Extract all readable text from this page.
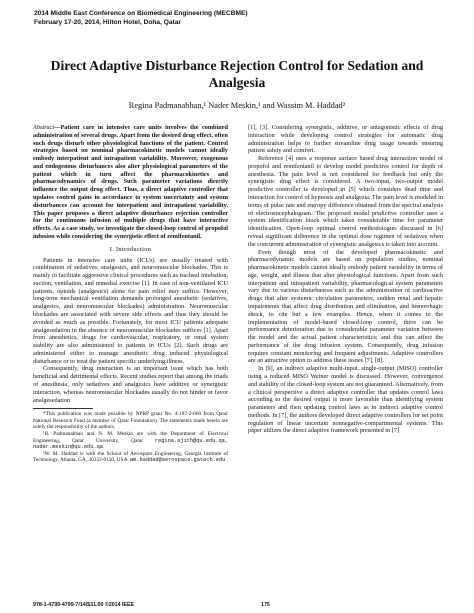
2014 Middle East Conference on Biomedical Engineering (MECBME)
February 17-20, 2014, Hilton Hotel, Doha, Qatar
Direct Adaptive Disturbance Rejection Control for Sedation and
Analgesia
Regina Padmanabhan,¹ Nader Meskin,¹ and Wassim M. Haddad²

Abstract—Patient care in intensive care units involves the combined administration of several drugs. Apart from the desired drug effect, often such drugs disturb other physiological functions of the patient. Control strategies based on nominal pharmacokinetic models cannot ideally embody interpatient and intrapatient variability. Moreover, exogenous and endogenous disturbances also alter physiological parameters of the patient which in turn affect the pharmacokinetics and pharmacodynamics of drugs. Such parameter variations directly influence the output drug effect. Thus, a direct adaptive controller that updates control gains in accordance to system uncertainty and system disturbances can account for interpatient and intrapatient variability. This paper proposes a direct adaptive disturbance rejection controller for the continuous infusion of multiple drugs that have interactive effects. As a case study, we investigate the closed-loop control of propofol infusion while considering the synergistic effect of remifentanil.

I. Introduction

Patients in intensive care units (ICUs) are usually treated with combination of sedatives, analgesics, and neuromuscular blockades. This is mainly to facilitate aggressive clinical procedures such as tracheal intubation, suction, ventilation, and remedial exercise [1]. In case of non-ventilated ICU patients, opioids (analgesics) alone for pain relief may suffice. However, long-term mechanical ventilation demands prolonged anesthetic (sedatives, analgesics, and neuromuscular blockades) administration. Neuromuscular blockades are associated with severe side effects and thus they should be avoided as much as possible. Fortunately, for most ICU patients adequate analgesedation in the absence of neuromuscular blockades suffices [1]. Apart from anesthetics, drugs for cardiovascular, respiratory, or renal system stability are also administered to patients in ICUs [2]. Such drugs are administered either to manage anesthetic drug induced physiological disturbance or to treat the patient specific underlying illness.

Consequently, drug interaction is an important issue which has both beneficial and detrimental effects. Recent studies report that among the triads of anesthesia, only sedatives and analgesics have additive or synergistic interaction, whereas neuromuscular blockades usually do not hinder or favor analgesedation

*This publication was made possible by NPRP grant No. 4-187-2-060 from Qatar National Research Fund (a member of Qatar Foundation). The statements made herein are solely the responsibility of the authors.

¹R. Padmanabhan and N. M. Meskin are with the Department of Electrical Engineering, Qatar University, Qatar regina.ajith@qu.edu.qa, nader.meskin@qu.edu.qa

²W. M. Haddad is with the School of Aerospace Engineering, Georgia Institute of Technology, Atlanta, GA, 30332-0150, USA. wm.haddad@aerospace.gatech.edu

[1], [3]. Considering synergistic, additive, or antagonistic effects of drug interaction while developing control strategies for automatic drug administration helps to further streamline drug usage towards ensuring patient safety and comfort.

Reference [4] uses a response surface based drug interaction model of propofol and remifentanil to develop model predictive control for depth of anesthesia. The pain level is not considered for feedback but only the synergistic drug effect is considered. A two-input, two-output model predictive controller is developed in [5] which considers dead time and interaction for control of hypnosis and analgesia. The pain level is modeled in terms of pulse rate and entropy difference obtained from the spectral analysis of electroencephalogram. The proposed model predictive controller uses a system identification block which takes considerable time for parameter identification. Open-loop optimal control methodologies discussed in [6] reveal significant difference in the optimal dose regimen of sedatives when the concurrent administration of synergistic analgesics is taken into account.

Even though most of the developed pharmacokinetic and pharmacodynamic models are based on population studies, nominal pharmacokinetic models cannot ideally embody patient variability in terms of age, weight, and illness that alter physiological functions. Apart from such interpatient and intrapatient variability, pharmacological system parameters vary due to various disturbances such as the administration of cardioactive drugs that alter systemic circulation parameters, sudden renal and hepatic impairments that affect drug distribution and elimination, and hemorrhagic shock, to cite but a few examples. Hence, when it comes to the implementation of model-based closed-loop control, there can be performance deterioration due to considerable parameter variation between the model and the actual patient characteristics; and this can affect the performance of the drug infusion system. Consequently, drug infusion requires constant monitoring and frequent adjustments. Adaptive controllers are an attractive option to address these issues [7], [8].

In [9], an indirect adaptive multi-input, single-output (MISO) controller using a reduced MISO Weiner model is discussed. However, convergence and stability of the closed-loop system are not guaranteed. Alternatively, from a clinical perspective a direct adaptive controller that updates control laws according to the desired output is more favorable than identifying system parameters and then updating control laws as in indirect adaptive control methods. In [7], the authors developed direct adaptive controllers for set point regulation of linear uncertain nonnegative-compartmental systems. This paper utilizes the direct adaptive framework presented in [7]

978-1-4799-4799-7/14/$31.00 ©2014 IEEE	175
